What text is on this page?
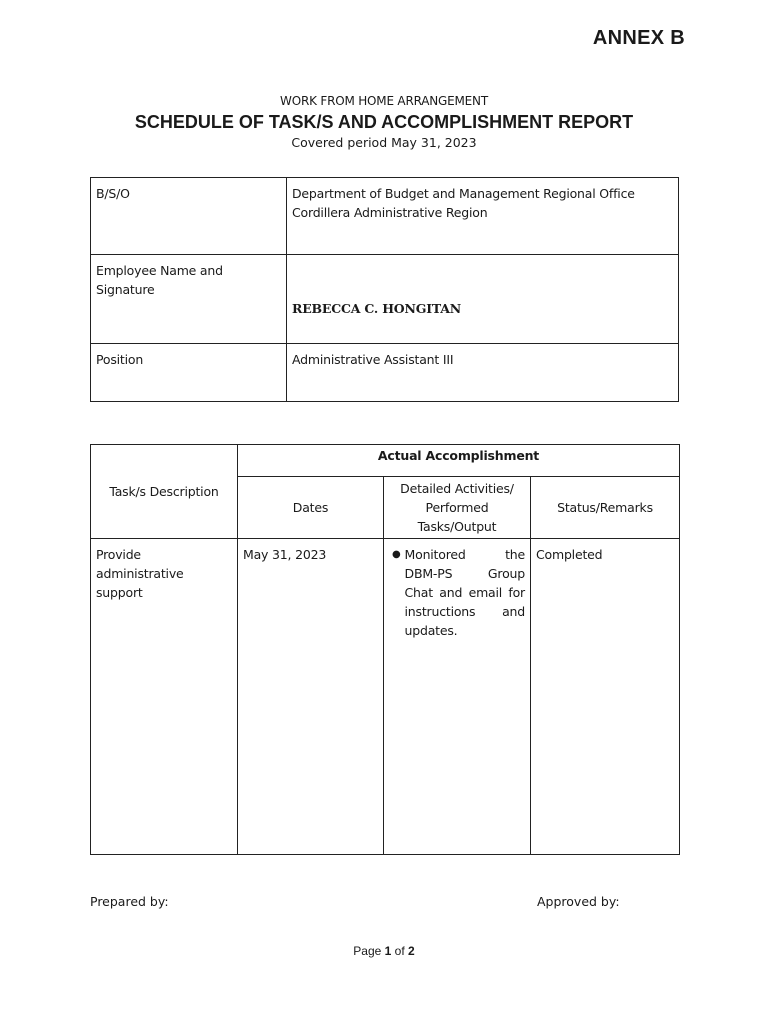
ANNEX B
WORK FROM HOME ARRANGEMENT
SCHEDULE OF TASK/S AND ACCOMPLISHMENT REPORT
Covered period May 31, 2023
B/S/O	Department of Budget and Management Regional Office
Cordillera Administrative Region

Employee Name and Signature	REBECCA C. HONGITAN

Position	Administrative Assistant III
Task/s Description	Actual Accomplishment		
	Dates	Detailed Activities/ Performed Tasks/Output	Status/Remarks
Provide administrative support	May 31, 2023	● Monitored the DBM-PS Group Chat and email for instructions and updates.	Completed
Prepared by:	Approved by:
Page 1 of 2
